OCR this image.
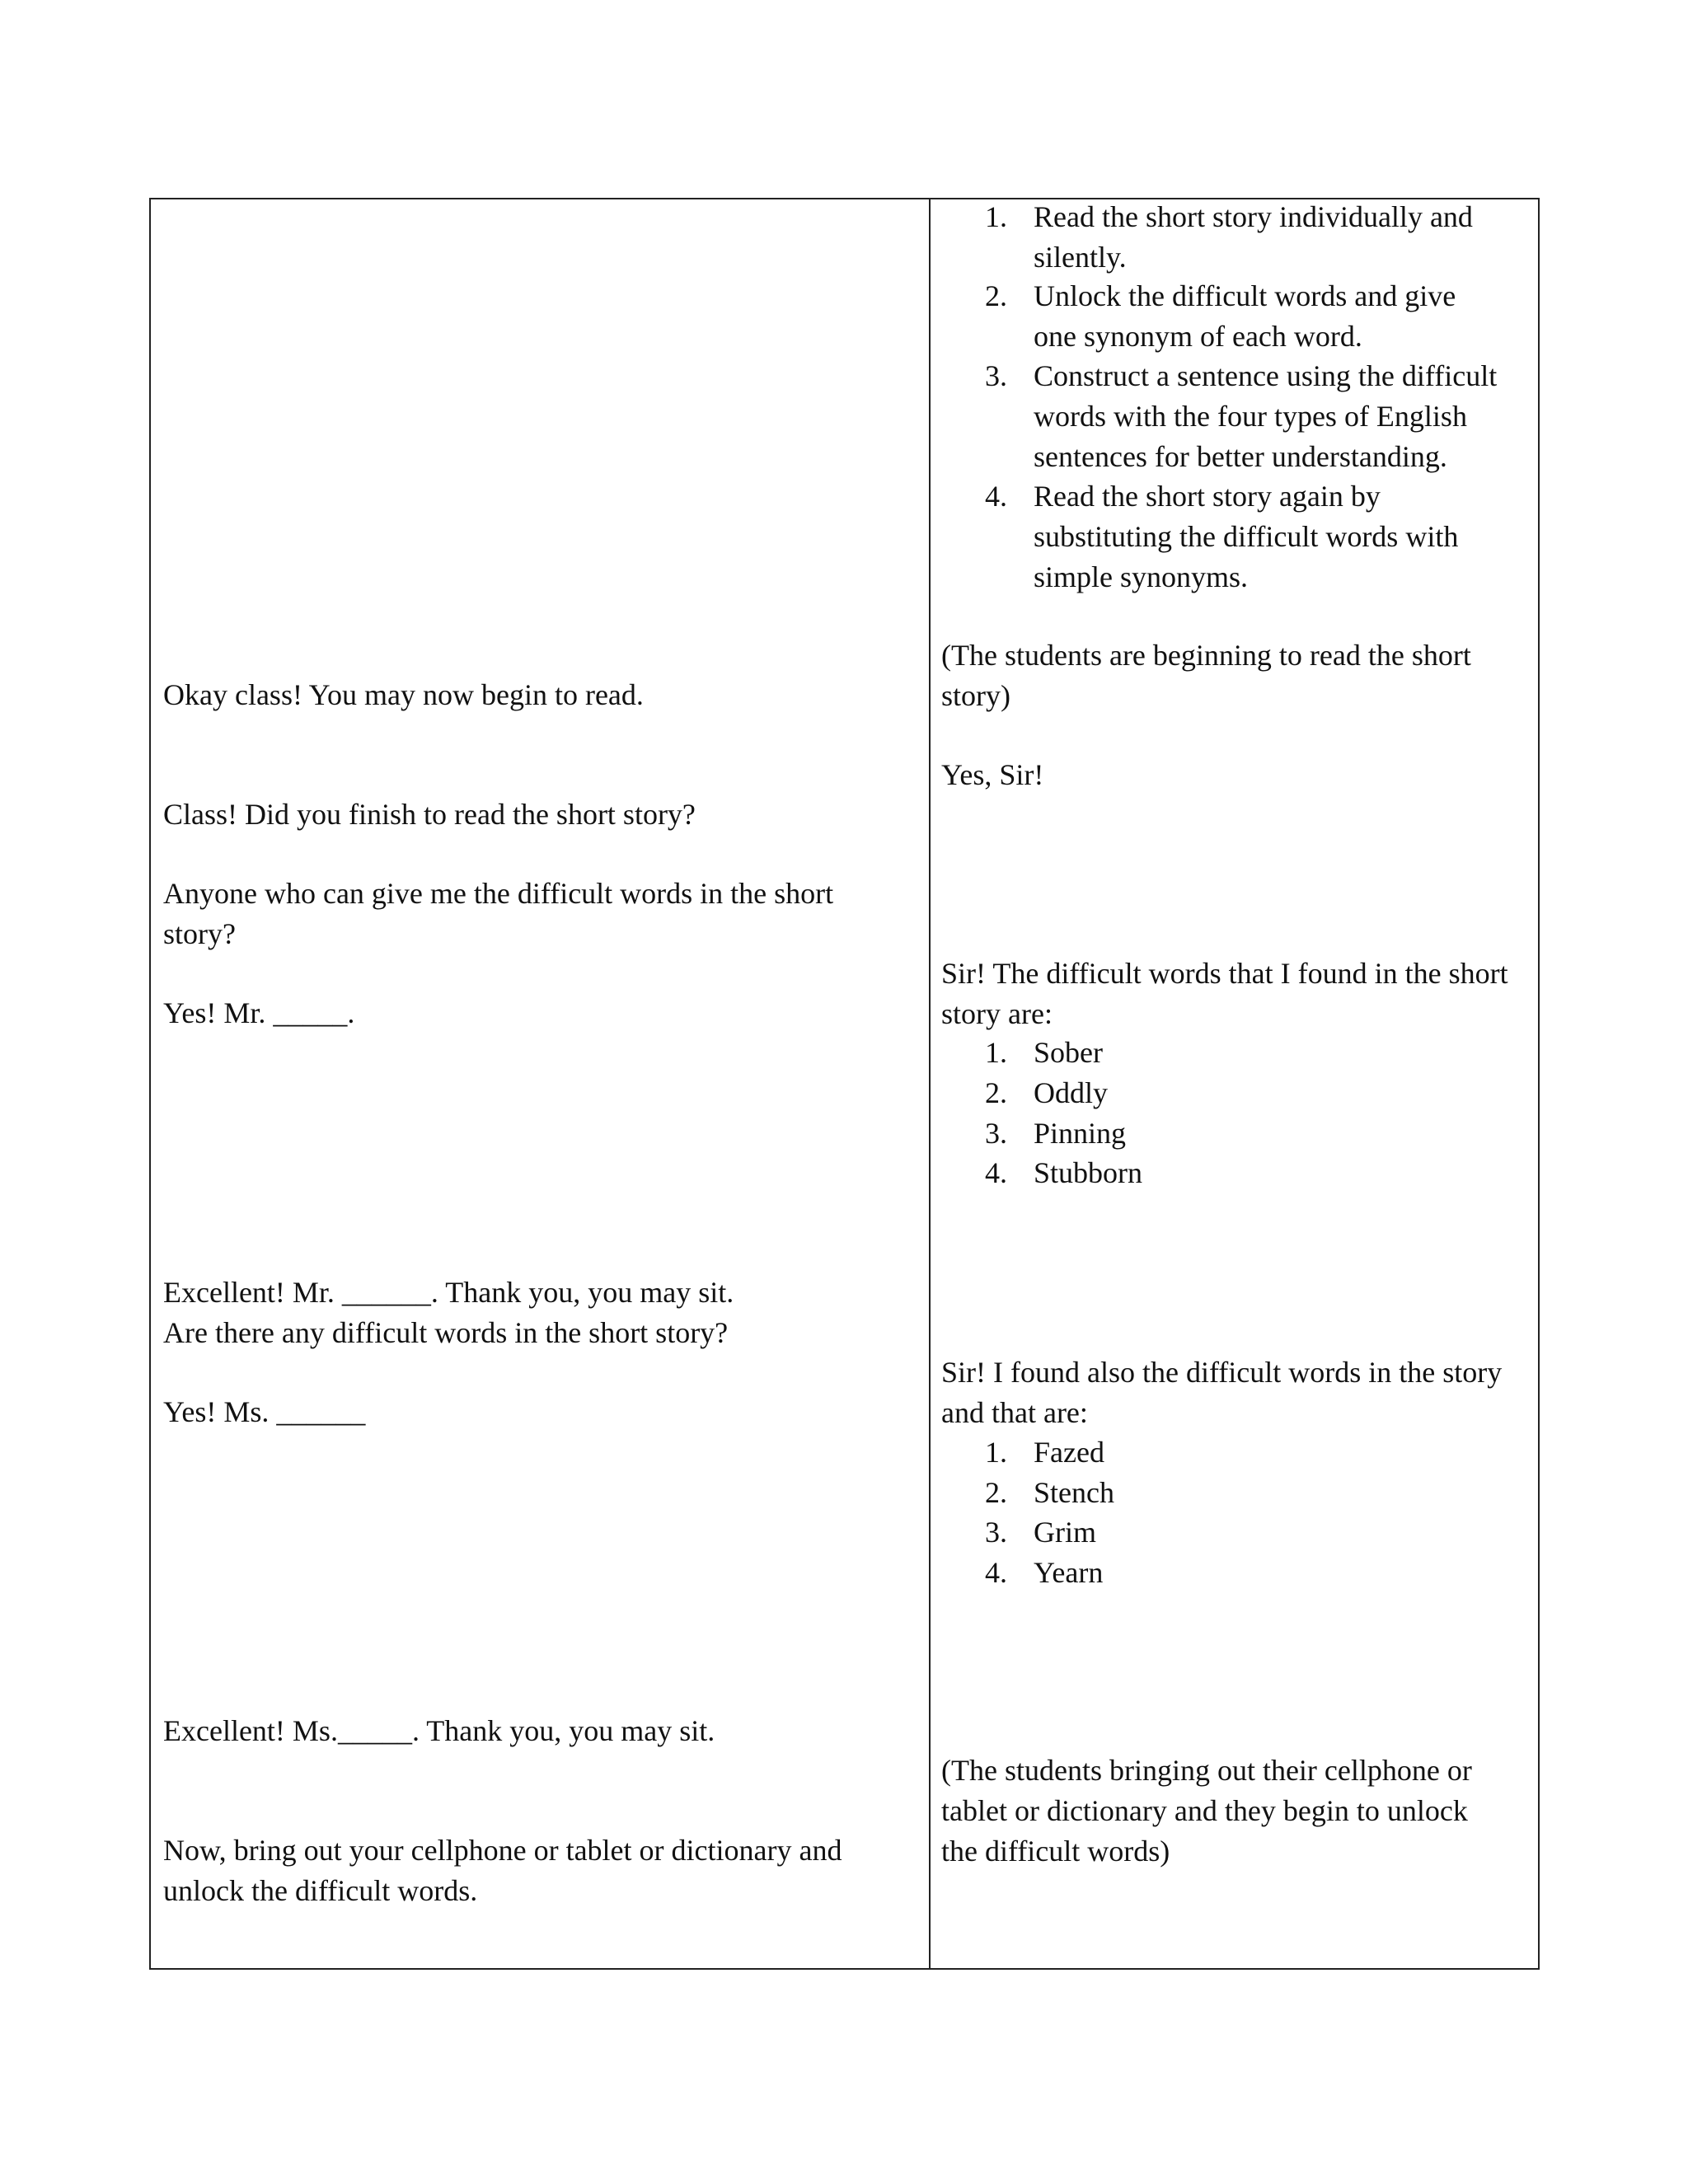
Okay class! You may now begin to read.

Class! Did you finish to read the short story?

Anyone who can give me the difficult words in the short

story?

Yes! Mr. _____.

Excellent! Mr. ______. Thank you, you may sit.

Are there any difficult words in the short story?

Yes! Ms. ______

Excellent! Ms._____. Thank you, you may sit.

Now, bring out your cellphone or tablet or dictionary and

unlock the difficult words.

1. Read the short story individually and

silently.

2. Unlock the difficult words and give

one synonym of each word.

3. Construct a sentence using the difficult

words with the four types of English

sentences for better understanding.

4. Read the short story again by

substituting the difficult words with

simple synonyms.

(The students are beginning to read the short

story)

Yes, Sir!

Sir! The difficult words that I found in the short

story are:

1. Sober

2. Oddly

3. Pinning

4. Stubborn

Sir! I found also the difficult words in the story

and that are:

1. Fazed

2. Stench

3. Grim

4. Yearn

(The students bringing out their cellphone or

tablet or dictionary and they begin to unlock

the difficult words)
